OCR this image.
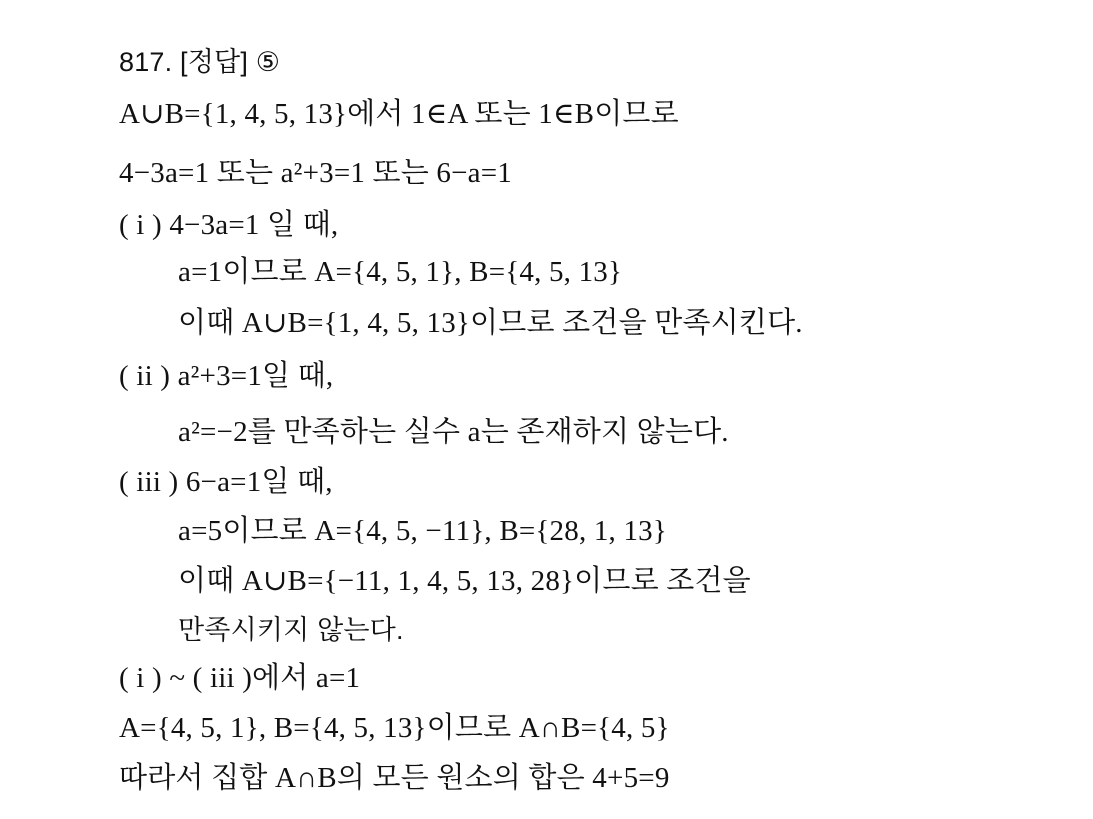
817. [정답] ⑤
A∪B={1, 4, 5, 13}에서 1∈A 또는 1∈B이므로
4−3a=1 또는 a²+3=1 또는 6−a=1
( i ) 4−3a=1 일 때,
a=1이므로 A={4, 5, 1}, B={4, 5, 13}
이때 A∪B={1, 4, 5, 13}이므로 조건을 만족시킨다.
( ii ) a²+3=1일 때,
a²=−2를 만족하는 실수 a는 존재하지 않는다.
( iii ) 6−a=1일 때,
a=5이므로 A={4, 5, −11}, B={28, 1, 13}
이때 A∪B={−11, 1, 4, 5, 13, 28}이므로 조건을
만족시키지 않는다.
( i ) ~ ( iii )에서 a=1
A={4, 5, 1}, B={4, 5, 13}이므로 A∩B={4, 5}
따라서 집합 A∩B의 모든 원소의 합은 4+5=9
